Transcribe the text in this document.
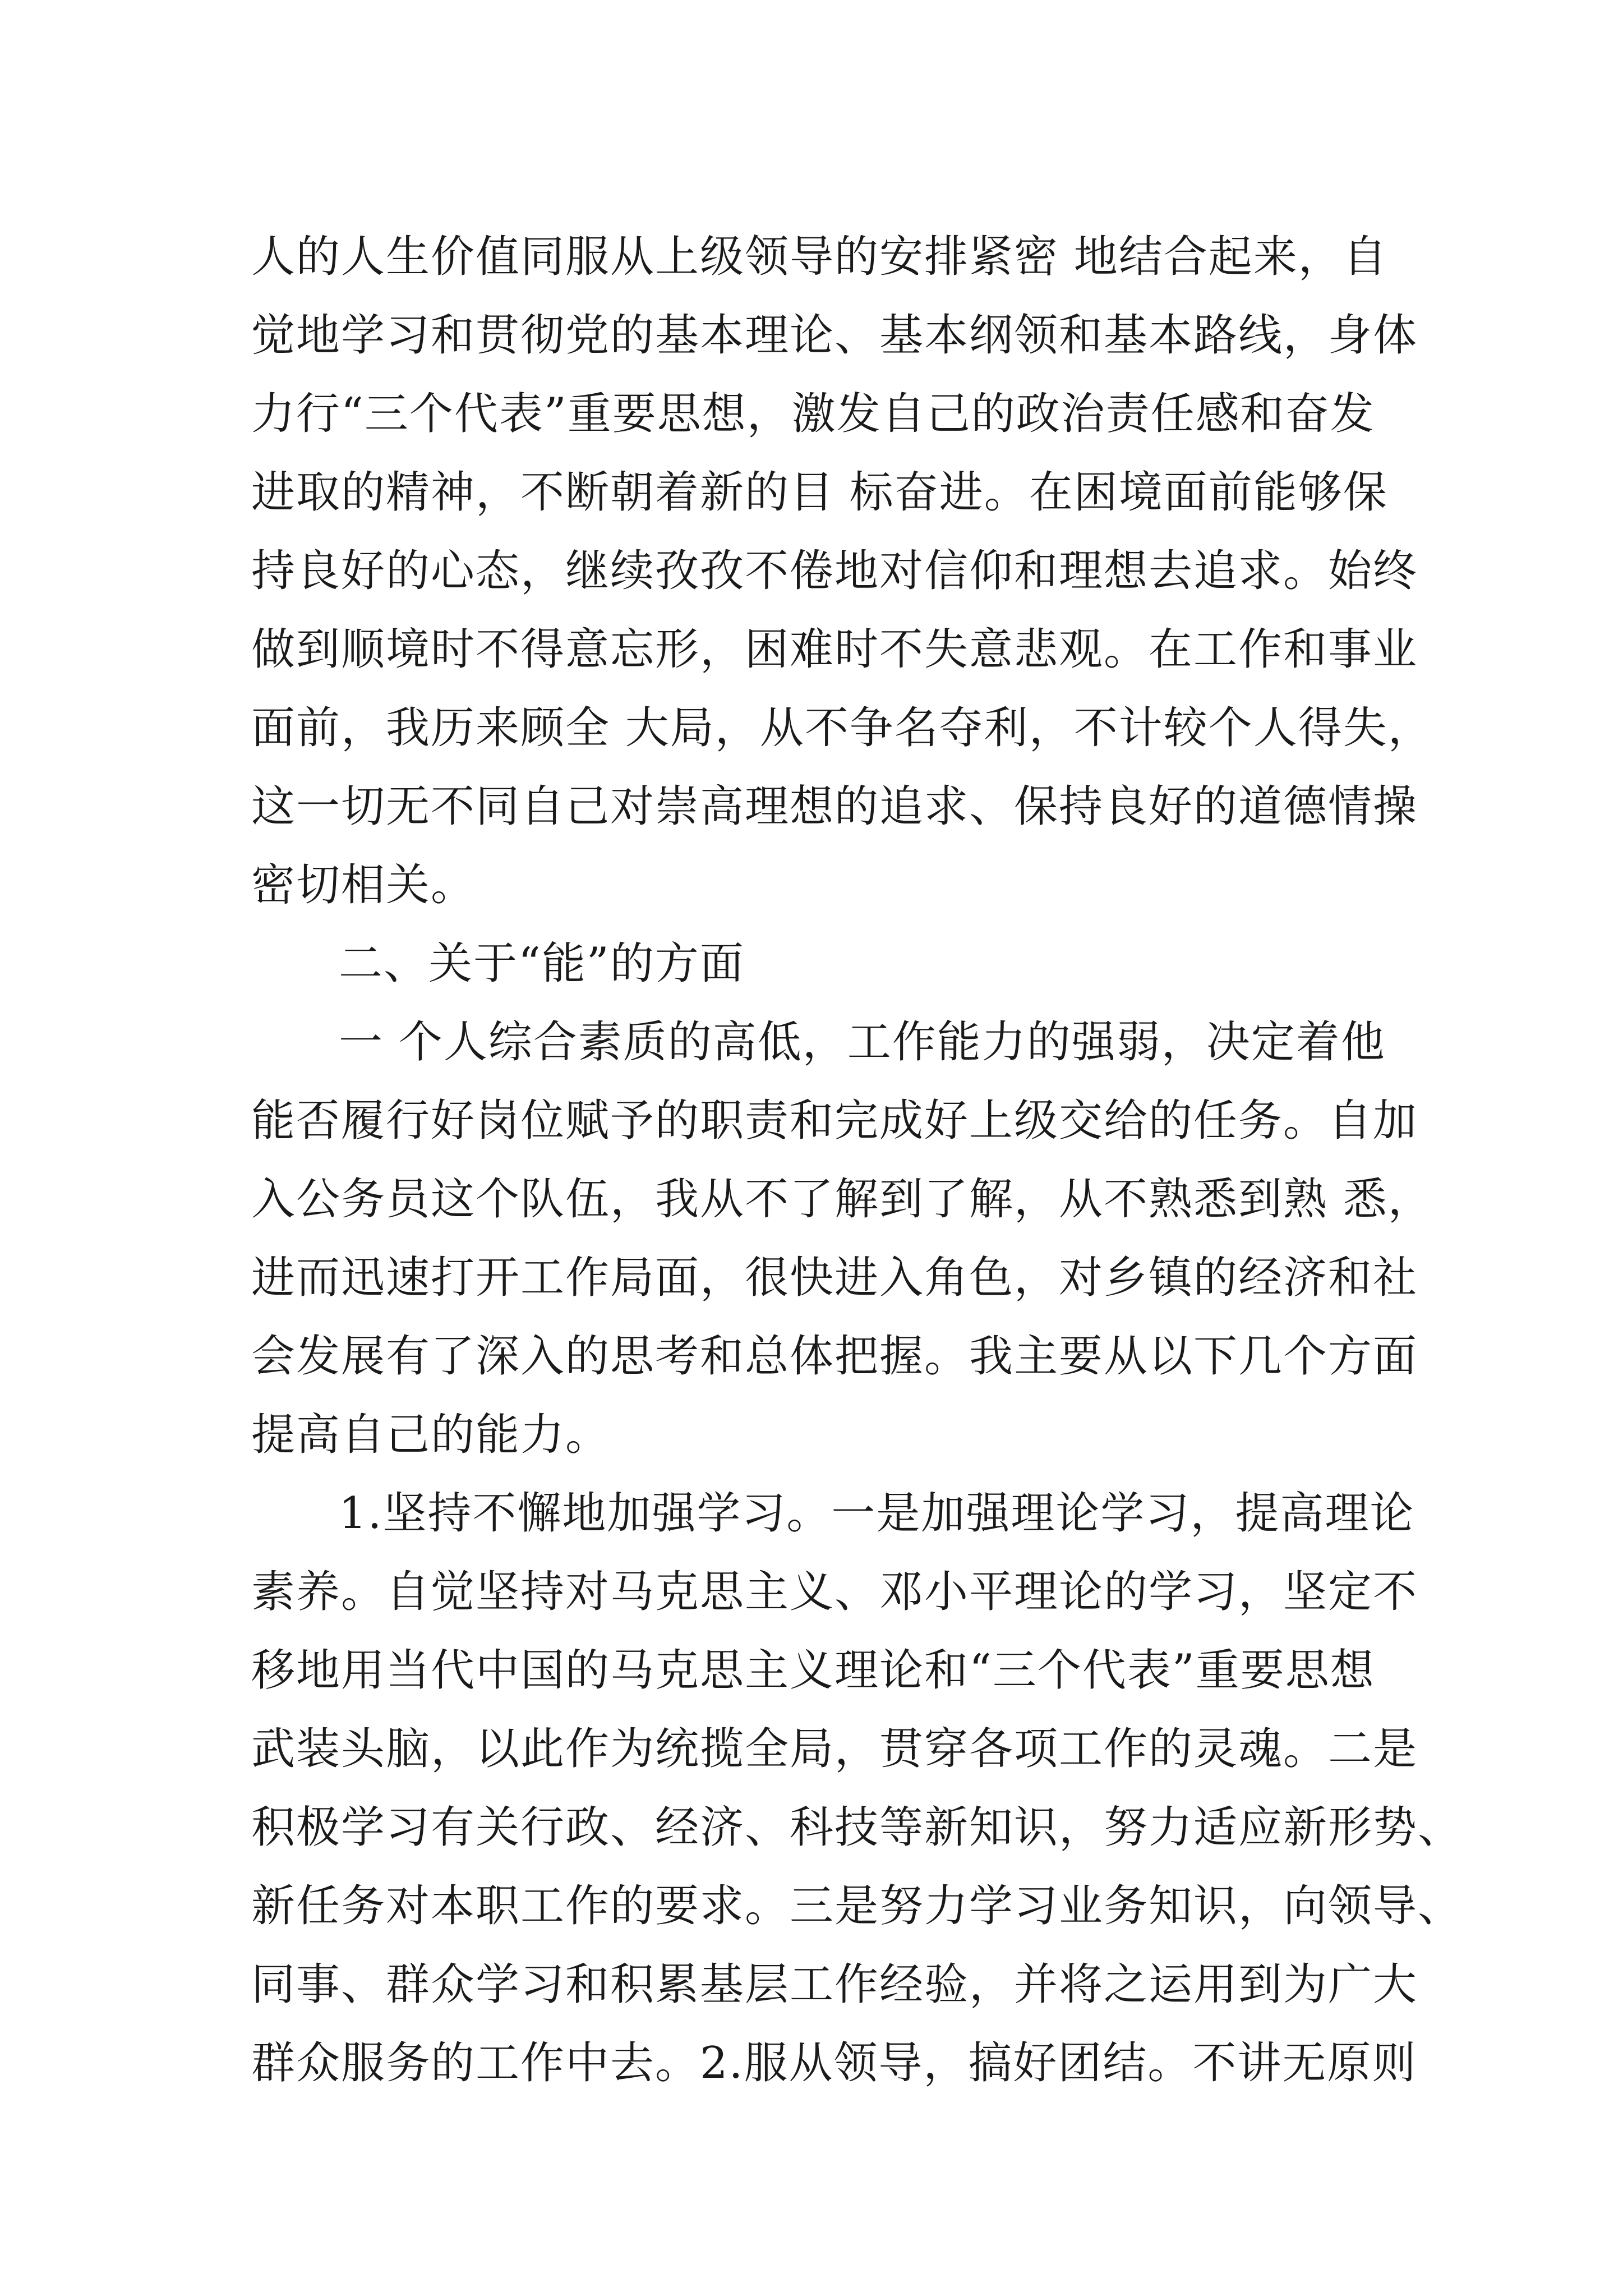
人的人生价值同服从上级领导的安排紧密 地结合起来，自
觉地学习和贯彻党的基本理论、基本纲领和基本路线，身体
力行“三个代表”重要思想，激发自己的政治责任感和奋发
进取的精神，不断朝着新的目 标奋进。在困境面前能够保
持良好的心态，继续孜孜不倦地对信仰和理想去追求。始终
做到顺境时不得意忘形，困难时不失意悲观。在工作和事业
面前，我历来顾全 大局，从不争名夺利，不计较个人得失，
这一切无不同自己对崇高理想的追求、保持良好的道德情操
密切相关。
二、关于“能”的方面
一 个人综合素质的高低，工作能力的强弱，决定着他
能否履行好岗位赋予的职责和完成好上级交给的任务。自加
入公务员这个队伍，我从不了解到了解，从不熟悉到熟 悉，
进而迅速打开工作局面，很快进入角色，对乡镇的经济和社
会发展有了深入的思考和总体把握。我主要从以下几个方面
提高自己的能力。
1.坚持不懈地加强学习。一是加强理论学习，提高理论
素养。自觉坚持对马克思主义、邓小平理论的学习，坚定不
移地用当代中国的马克思主义理论和“三个代表”重要思想
武装头脑，以此作为统揽全局，贯穿各项工作的灵魂。二是
积极学习有关行政、经济、科技等新知识，努力适应新形势、
新任务对本职工作的要求。三是努力学习业务知识，向领导、
同事、群众学习和积累基层工作经验，并将之运用到为广大
群众服务的工作中去。2.服从领导，搞好团结。不讲无原则
